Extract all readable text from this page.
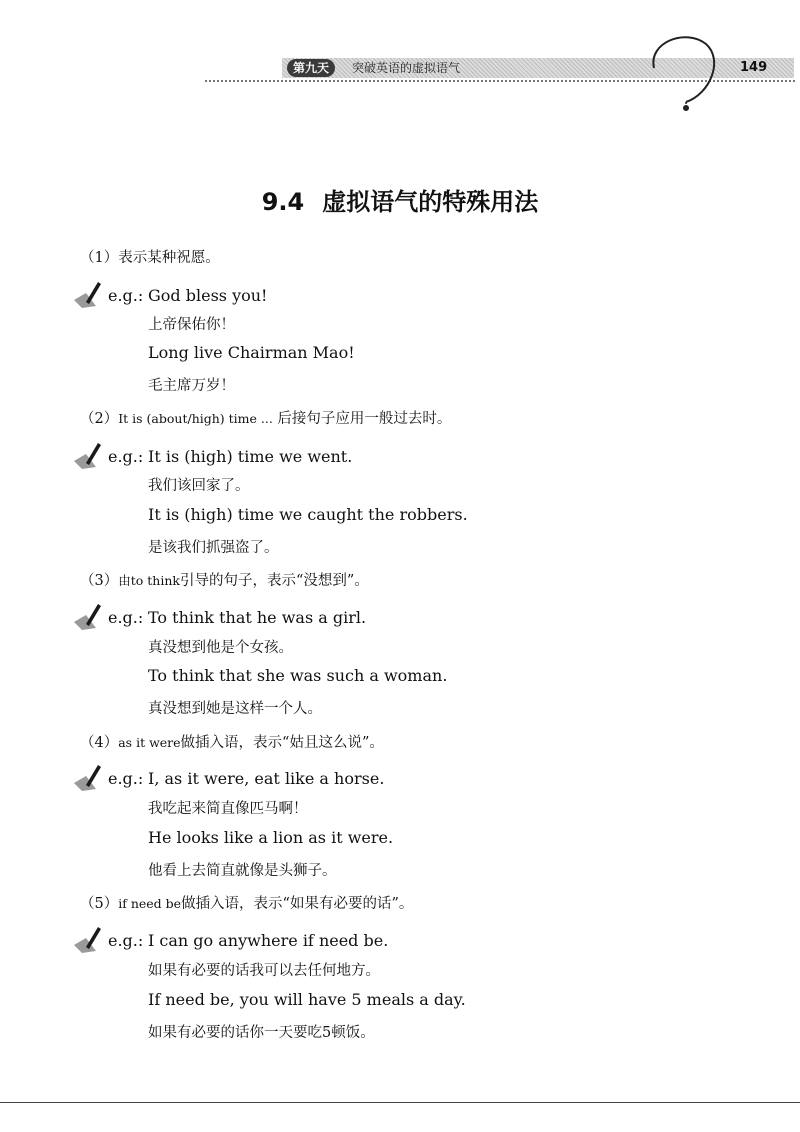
第九天	突破英语的虚拟语气	149
9.4 虚拟语气的特殊用法
（1）表示某种祝愿。
e.g.: God bless you!
上帝保佑你！
Long live Chairman Mao!
毛主席万岁！
（2）It is (about/high) time ... 后接句子应用一般过去时。
e.g.: It is (high) time we went.
我们该回家了。
It is (high) time we caught the robbers.
是该我们抓强盗了。
（3）由to think引导的句子，表示“没想到”。
e.g.: To think that he was a girl.
真没想到他是个女孩。
To think that she was such a woman.
真没想到她是这样一个人。
（4）as it were做插入语，表示“姑且这么说”。
e.g.: I, as it were, eat like a horse.
我吃起来简直像匹马啊！
He looks like a lion as it were.
他看上去简直就像是头狮子。
（5）if need be做插入语，表示“如果有必要的话”。
e.g.: I can go anywhere if need be.
如果有必要的话我可以去任何地方。
If need be, you will have 5 meals a day.
如果有必要的话你一天要吃5顿饭。
